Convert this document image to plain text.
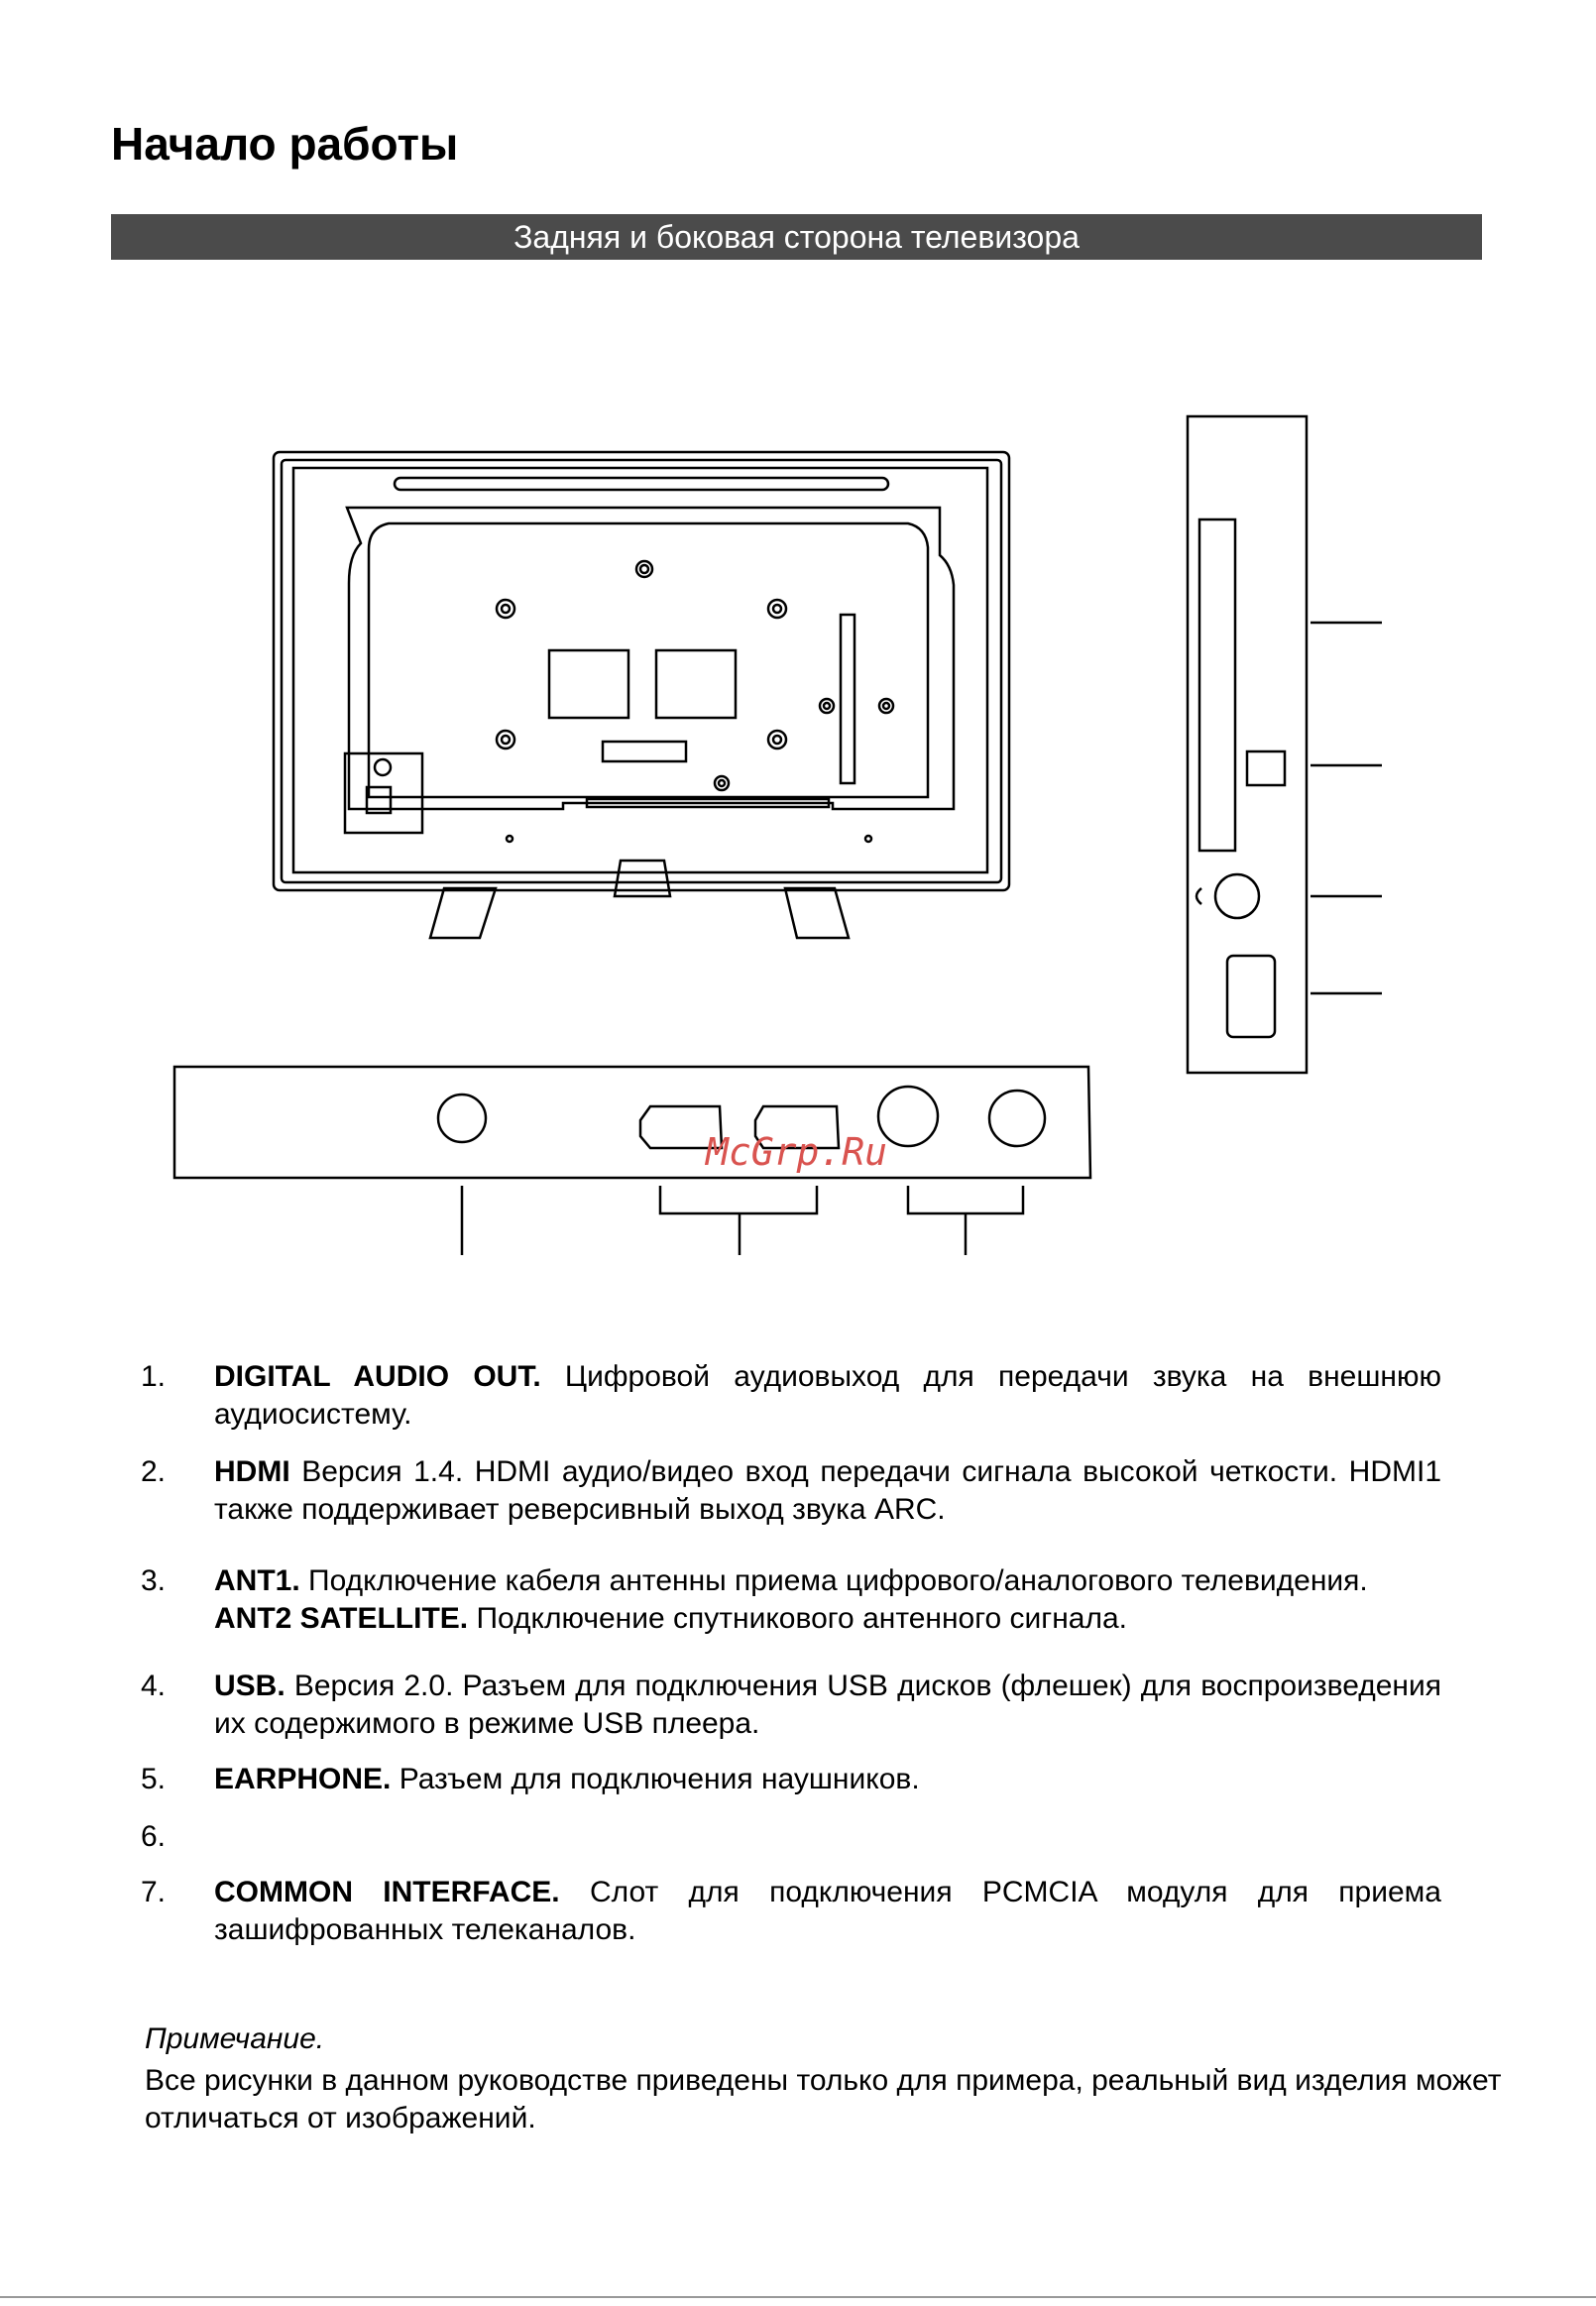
Начало работы
Задняя и боковая сторона телевизора
McGrp.Ru
1.	DIGITAL AUDIO OUT. Цифровой аудиовыход для передачи звука на внешнюю аудиосистему.
2.	HDMI Версия 1.4. HDMI аудио/видео вход передачи сигнала высокой четкости. HDMI1 также поддерживает реверсивный выход звука ARC.
3.	ANT1. Подключение кабеля антенны приема цифрового/аналогового телевидения.
ANT2 SATELLITE. Подключение спутникового антенного сигнала.
4.	USB. Версия 2.0. Разъем для подключения USB дисков (флешек) для воспроизведения их содержимого в режиме USB плеера.
5.	EARPHONE. Разъем для подключения наушников.
6.
7.	COMMON INTERFACE. Слот для подключения PCMCIA модуля для приема зашифрованных телеканалов.
Примечание.
Все рисунки в данном руководстве приведены только для примера, реальный вид изделия может отличаться от изображений.
